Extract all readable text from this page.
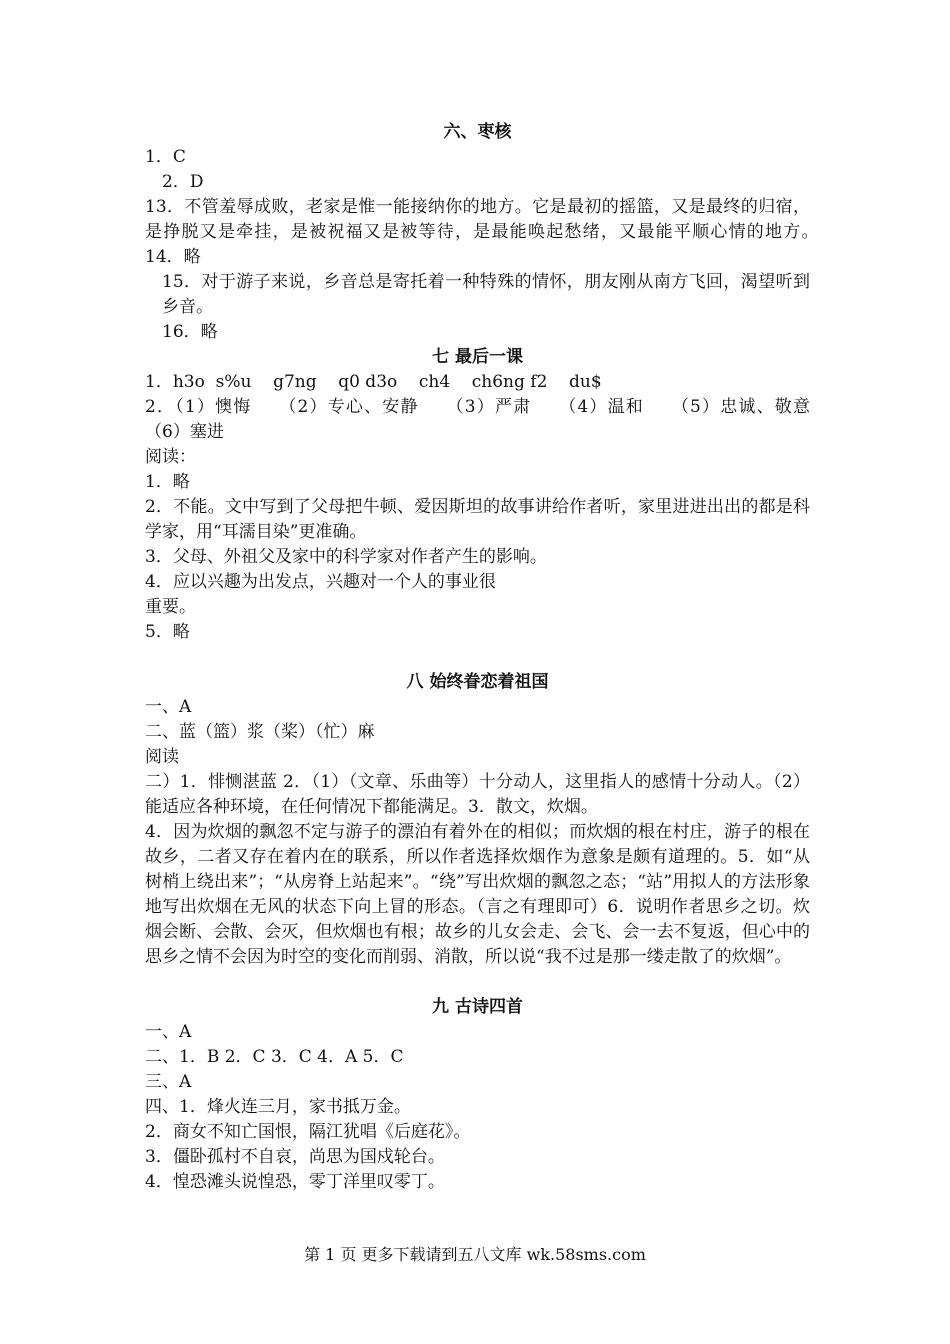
六、枣核
1．C
2．D
13．不管羞辱成败，老家是惟一能接纳你的地方。它是最初的摇篮，又是最终的归宿，是挣脱又是牵挂，是被祝福又是被等待，是最能唤起愁绪，又最能平顺心情的地方。　14．略
15．对于游子来说，乡音总是寄托着一种特殊的情怀，朋友刚从南方飞回，渴望听到乡音。
16．略
七 最后一课
1．h3o  s%u    g7ng    q0 d3o    ch4    ch6ng f2    du$
2．（1）懊悔　　（2）专心、安静　　（3）严肃　　（4）温和　　（5）忠诚、敬意　　（6）塞进
阅读：
1．略
2．不能。文中写到了父母把牛顿、爱因斯坦的故事讲给作者听，家里进进出出的都是科学家，用“耳濡目染”更准确。
3．父母、外祖父及家中的科学家对作者产生的影响。
4．应以兴趣为出发点，兴趣对一个人的事业很
重要。
5．略
八 始终眷恋着祖国
一、A
二、蓝（篮）浆（桨）（忙）麻
阅读
二）1．悱恻湛蓝 2．（1）（文章、乐曲等）十分动人，这里指人的感情十分动人。（2）能适应各种环境，在任何情况下都能满足。3．散文，炊烟。
4．因为炊烟的飘忽不定与游子的漂泊有着外在的相似；而炊烟的根在村庄，游子的根在故乡，二者又存在着内在的联系，所以作者选择炊烟作为意象是颇有道理的。5．如“从树梢上绕出来”；“从房脊上站起来”。“绕”写出炊烟的飘忽之态；“站”用拟人的方法形象地写出炊烟在无风的状态下向上冒的形态。（言之有理即可）6．说明作者思乡之切。炊烟会断、会散、会灭，但炊烟也有根；故乡的儿女会走、会飞、会一去不复返，但心中的思乡之情不会因为时空的变化而削弱、消散，所以说“我不过是那一缕走散了的炊烟”。
九 古诗四首
一、A
二、1．B 2．C 3．C 4．A 5．C
三、A
四、1．烽火连三月，家书抵万金。
2．商女不知亡国恨，隔江犹唱《后庭花》。
3．僵卧孤村不自哀，尚思为国戍轮台。
4．惶恐滩头说惶恐，零丁洋里叹零丁。
第 1 页 更多下载请到五八文库 wk.58sms.com
